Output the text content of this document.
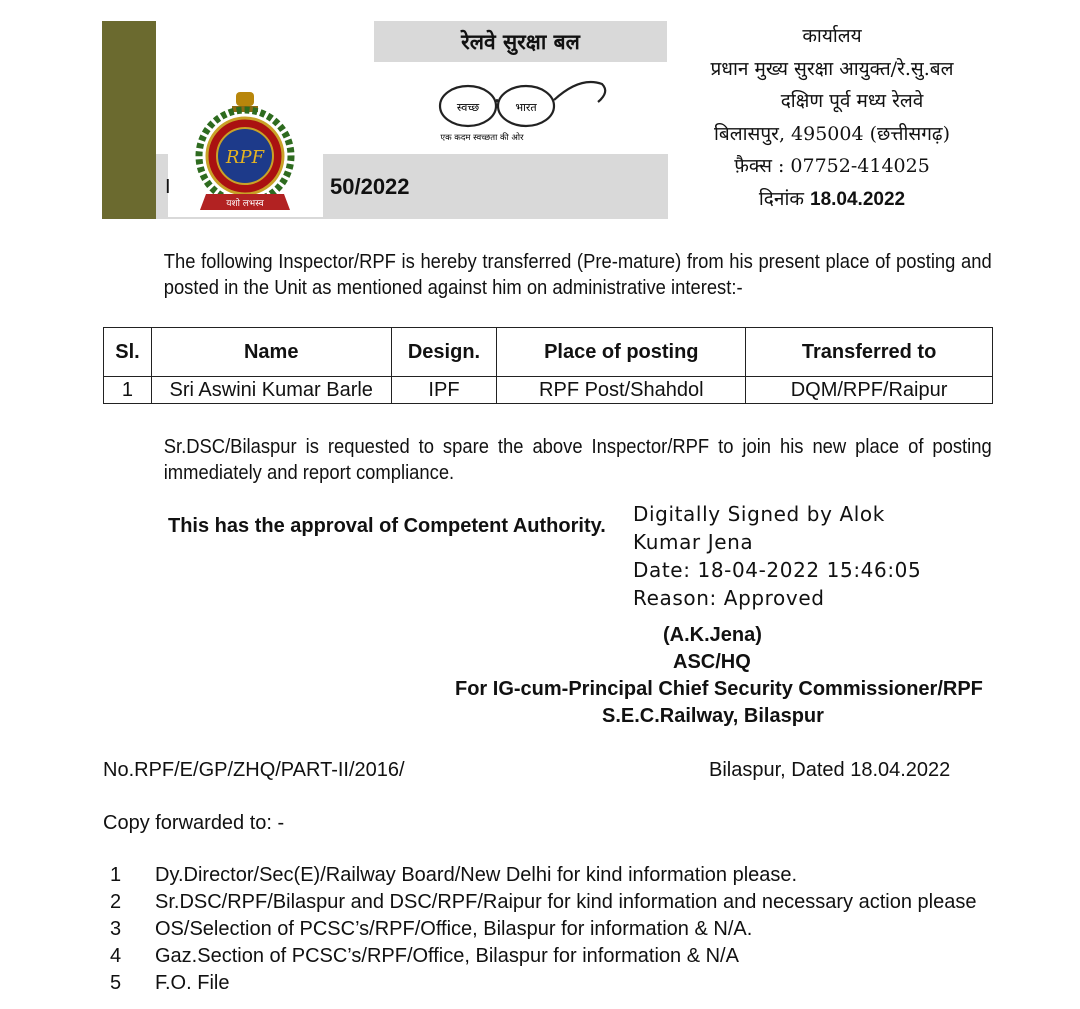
रेलवे सुरक्षा बल
स्वच्छ	भारत
एक कदम स्वच्छता की ओर
RPF
यशो लभस्व
I	50/2022
कार्यालय
प्रधान मुख्य सुरक्षा आयुक्त/रे.सु.बल
दक्षिण पूर्व मध्य रेलवे
बिलासपुर, 495004 (छत्तीसगढ़)
फ़ैक्स : 07752-414025
दिनांक 18.04.2022
The following Inspector/RPF is hereby transferred (Pre-mature) from his present place of posting and posted in the Unit as mentioned against him on administrative interest:-
Sl.	Name	Design.	Place of posting	Transferred to
1	Sri Aswini Kumar Barle	IPF	RPF Post/Shahdol	DQM/RPF/Raipur
Sr.DSC/Bilaspur is requested to spare the above Inspector/RPF to join his new place of posting immediately and report compliance.
This has the approval of Competent Authority. Digitally Signed by Alok
Kumar Jena
Date: 18-04-2022 15:46:05
Reason: Approved
(A.K.Jena)
ASC/HQ
For IG-cum-Principal Chief Security Commissioner/RPF
S.E.C.Railway, Bilaspur
No.RPF/E/GP/ZHQ/PART-II/2016/	Bilaspur, Dated 18.04.2022
Copy forwarded to: -
1 Dy.Director/Sec(E)/Railway Board/New Delhi for kind information please.
2 Sr.DSC/RPF/Bilaspur and DSC/RPF/Raipur for kind information and necessary action please
3 OS/Selection of PCSC’s/RPF/Office, Bilaspur for information & N/A.
4 Gaz.Section of PCSC’s/RPF/Office, Bilaspur for information & N/A
5 F.O. File
